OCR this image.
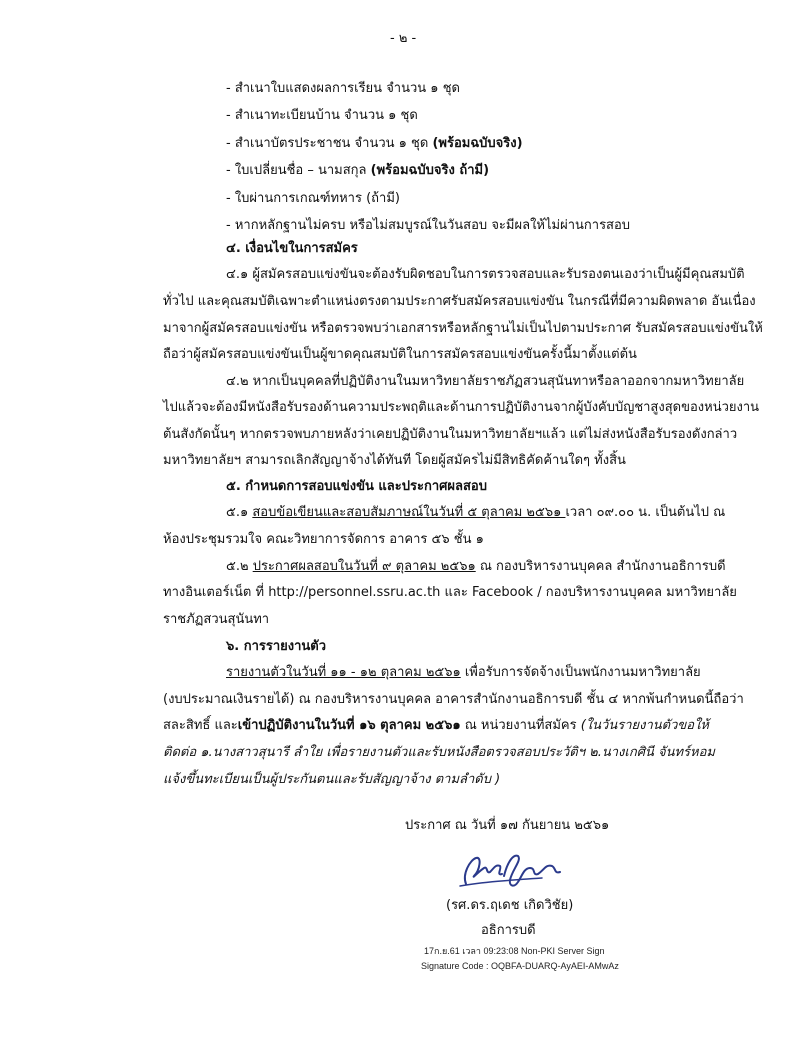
- ๒ -
- สำเนาใบแสดงผลการเรียน จำนวน ๑ ชุด
- สำเนาทะเบียนบ้าน จำนวน ๑ ชุด
- สำเนาบัตรประชาชน จำนวน ๑ ชุด (พร้อมฉบับจริง)
- ใบเปลี่ยนชื่อ – นามสกุล (พร้อมฉบับจริง ถ้ามี)
- ใบผ่านการเกณฑ์ทหาร (ถ้ามี)
- หากหลักฐานไม่ครบ หรือไม่สมบูรณ์ในวันสอบ จะมีผลให้ไม่ผ่านการสอบ
๔. เงื่อนไขในการสมัคร
๔.๑ ผู้สมัครสอบแข่งขันจะต้องรับผิดชอบในการตรวจสอบและรับรองตนเองว่าเป็นผู้มีคุณสมบัติ
ทั่วไป และคุณสมบัติเฉพาะตำแหน่งตรงตามประกาศรับสมัครสอบแข่งขัน ในกรณีที่มีความผิดพลาด อันเนื่อง
มาจากผู้สมัครสอบแข่งขัน หรือตรวจพบว่าเอกสารหรือหลักฐานไม่เป็นไปตามประกาศ รับสมัครสอบแข่งขันให้
ถือว่าผู้สมัครสอบแข่งขันเป็นผู้ขาดคุณสมบัติในการสมัครสอบแข่งขันครั้งนี้มาตั้งแต่ต้น
๔.๒ หากเป็นบุคคลที่ปฏิบัติงานในมหาวิทยาลัยราชภัฏสวนสุนันทาหรือลาออกจากมหาวิทยาลัย
ไปแล้วจะต้องมีหนังสือรับรองด้านความประพฤติและด้านการปฏิบัติงานจากผู้บังคับบัญชาสูงสุดของหน่วยงาน
ต้นสังกัดนั้นๆ หากตรวจพบภายหลังว่าเคยปฏิบัติงานในมหาวิทยาลัยฯแล้ว แต่ไม่ส่งหนังสือรับรองดังกล่าว
มหาวิทยาลัยฯ สามารถเลิกสัญญาจ้างได้ทันที โดยผู้สมัครไม่มีสิทธิคัดค้านใดๆ ทั้งสิ้น
๕. กำหนดการสอบแข่งขัน และประกาศผลสอบ
๕.๑ สอบข้อเขียนและสอบสัมภาษณ์ในวันที่ ๕ ตุลาคม ๒๕๖๑ เวลา ๐๙.๐๐ น. เป็นต้นไป ณ
ห้องประชุมรวมใจ คณะวิทยาการจัดการ อาคาร ๕๖ ชั้น ๑
๕.๒ ประกาศผลสอบในวันที่ ๙ ตุลาคม ๒๕๖๑ ณ กองบริหารงานบุคคล สำนักงานอธิการบดี
ทางอินเตอร์เน็ต ที่ http://personnel.ssru.ac.th และ Facebook / กองบริหารงานบุคคล มหาวิทยาลัย
ราชภัฏสวนสุนันทา
๖. การรายงานตัว
รายงานตัวในวันที่ ๑๑ - ๑๒ ตุลาคม ๒๕๖๑ เพื่อรับการจัดจ้างเป็นพนักงานมหาวิทยาลัย
(งบประมาณเงินรายได้) ณ กองบริหารงานบุคคล อาคารสำนักงานอธิการบดี ชั้น ๔ หากพ้นกำหนดนี้ถือว่า
สละสิทธิ์ และเข้าปฏิบัติงานในวันที่ ๑๖ ตุลาคม ๒๕๖๑ ณ หน่วยงานที่สมัคร (ในวันรายงานตัวขอให้
ติดต่อ ๑.นางสาวสุนารี ลำใย เพื่อรายงานตัวและรับหนังสือตรวจสอบประวัติฯ ๒.นางเกศินี จันทร์หอม
แจ้งขึ้นทะเบียนเป็นผู้ประกันตนและรับสัญญาจ้าง ตามลำดับ )
ประกาศ ณ วันที่ ๑๗ กันยายน ๒๕๖๑
(รศ.ดร.ฤเดช เกิดวิชัย)
อธิการบดี
17ก.ย.61 เวลา 09:23:08 Non-PKI Server Sign
Signature Code : OQBFA-DUARQ-AyAEI-AMwAz
